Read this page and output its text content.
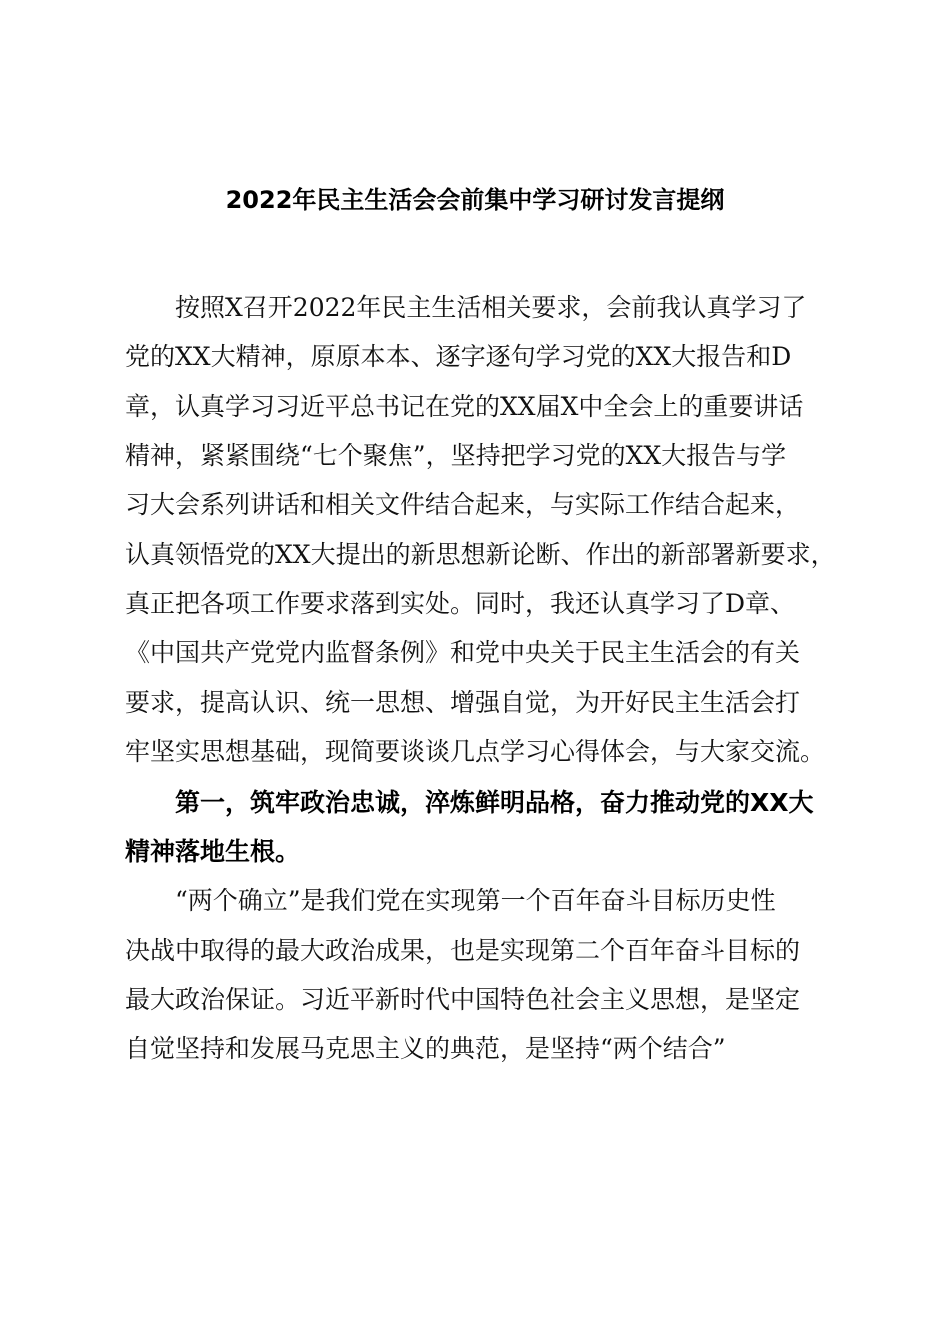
2022年民主生活会会前集中学习研讨发言提纲

按照X召开2022年民主生活相关要求，会前我认真学习了

党的XX大精神，原原本本、逐字逐句学习党的XX大报告和D

章，认真学习习近平总书记在党的XX届X中全会上的重要讲话

精神，紧紧围绕“七个聚焦”，坚持把学习党的XX大报告与学

习大会系列讲话和相关文件结合起来，与实际工作结合起来，

认真领悟党的XX大提出的新思想新论断、作出的新部署新要求，

真正把各项工作要求落到实处。同时，我还认真学习了D章、

《中国共产党党内监督条例》和党中央关于民主生活会的有关

要求，提高认识、统一思想、增强自觉，为开好民主生活会打

牢坚实思想基础，现简要谈谈几点学习心得体会，与大家交流。

第一，筑牢政治忠诚，淬炼鲜明品格，奋力推动党的XX大

精神落地生根。

“两个确立”是我们党在实现第一个百年奋斗目标历史性

决战中取得的最大政治成果，也是实现第二个百年奋斗目标的

最大政治保证。习近平新时代中国特色社会主义思想，是坚定

自觉坚持和发展马克思主义的典范，是坚持“两个结合”
